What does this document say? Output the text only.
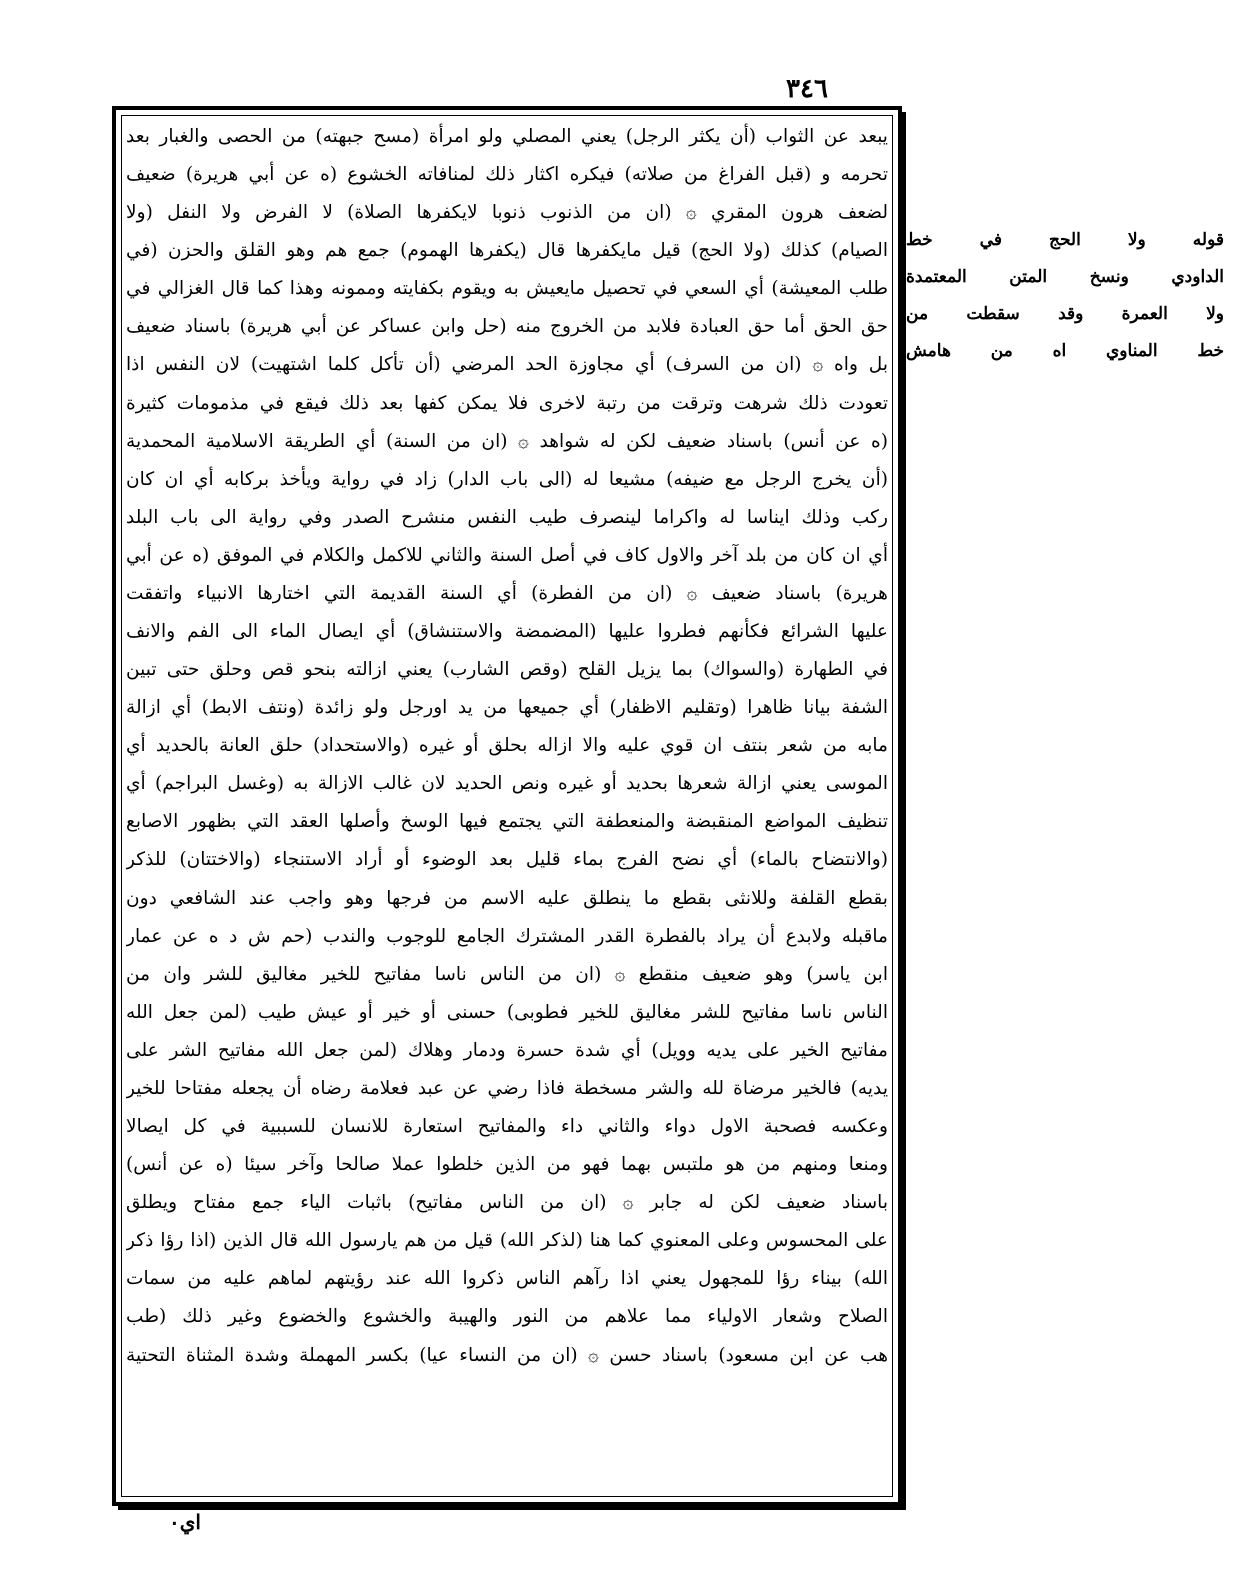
٣٤٦
يبعد عن الثواب (أن يكثر الرجل) يعني المصلي ولو امرأة (مسح جبهته) من الحصى والغبار بعد
تحرمه و (قبل الفراغ من صلاته) فيكره اكثار ذلك لمنافاته الخشوع (ه عن أبي هريرة) ضعيف
لضعف هرون المقري ۞ (ان من الذنوب ذنوبا لايكفرها الصلاة) لا الفرض ولا النفل (ولا
الصيام) كذلك (ولا الحج) قيل مايكفرها قال (يكفرها الهموم) جمع هم وهو القلق والحزن (في
طلب المعيشة) أي السعي في تحصيل مايعيش به ويقوم بكفايته وممونه وهذا كما قال الغزالي في
حق الحق أما حق العبادة فلابد من الخروج منه (حل وابن عساكر عن أبي هريرة) باسناد ضعيف
بل واه ۞ (ان من السرف) أي مجاوزة الحد المرضي (أن تأكل كلما اشتهيت) لان النفس اذا
تعودت ذلك شرهت وترقت من رتبة لاخرى فلا يمكن كفها بعد ذلك فيقع في مذمومات كثيرة
(ه عن أنس) باسناد ضعيف لكن له شواهد ۞ (ان من السنة) أي الطريقة الاسلامية المحمدية
(أن يخرج الرجل مع ضيفه) مشيعا له (الى باب الدار) زاد في رواية ويأخذ بركابه أي ان كان
ركب وذلك ايناسا له واكراما لينصرف طيب النفس منشرح الصدر وفي رواية الى باب البلد
أي ان كان من بلد آخر والاول كاف في أصل السنة والثاني للاكمل والكلام في الموفق (ه عن أبي
هريرة) باسناد ضعيف ۞ (ان من الفطرة) أي السنة القديمة التي اختارها الانبياء واتفقت
عليها الشرائع فكأنهم فطروا عليها (المضمضة والاستنشاق) أي ايصال الماء الى الفم والانف
في الطهارة (والسواك) بما يزيل القلح (وقص الشارب) يعني ازالته بنحو قص وحلق حتى تبين
الشفة بيانا ظاهرا (وتقليم الاظفار) أي جميعها من يد اورجل ولو زائدة (ونتف الابط) أي ازالة
مابه من شعر بنتف ان قوي عليه والا ازاله بحلق أو غيره (والاستحداد) حلق العانة بالحديد أي
الموسى يعني ازالة شعرها بحديد أو غيره ونص الحديد لان غالب الازالة به (وغسل البراجم) أي
تنظيف المواضع المنقبضة والمنعطفة التي يجتمع فيها الوسخ وأصلها العقد التي بظهور الاصابع
(والانتضاح بالماء) أي نضح الفرج بماء قليل بعد الوضوء أو أراد الاستنجاء (والاختتان) للذكر
بقطع القلفة وللانثى بقطع ما ينطلق عليه الاسم من فرجها وهو واجب عند الشافعي دون
ماقبله ولابدع أن يراد بالفطرة القدر المشترك الجامع للوجوب والندب (حم ش د ه عن عمار
ابن ياسر) وهو ضعيف منقطع ۞ (ان من الناس ناسا مفاتيح للخير مغاليق للشر وان من
الناس ناسا مفاتيح للشر مغاليق للخير فطوبى) حسنى أو خير أو عيش طيب (لمن جعل الله
مفاتيح الخير على يديه وويل) أي شدة حسرة ودمار وهلاك (لمن جعل الله مفاتيح الشر على
يديه) فالخير مرضاة لله والشر مسخطة فاذا رضي عن عبد فعلامة رضاه أن يجعله مفتاحا للخير
وعكسه فصحبة الاول دواء والثاني داء والمفاتيح استعارة للانسان للسببية في كل ايصالا
ومنعا ومنهم من هو ملتبس بهما فهو من الذين خلطوا عملا صالحا وآخر سيئا (ه عن أنس)
باسناد ضعيف لكن له جابر ۞ (ان من الناس مفاتيح) باثبات الياء جمع مفتاح ويطلق
على المحسوس وعلى المعنوي كما هنا (لذكر الله) قيل من هم يارسول الله قال الذين (اذا رؤا ذكر
الله) بيناء رؤا للمجهول يعني اذا رآهم الناس ذكروا الله عند رؤيتهم لماهم عليه من سمات
الصلاح وشعار الاولياء مما علاهم من النور والهيبة والخشوع والخضوع وغير ذلك (طب
هب عن ابن مسعود) باسناد حسن ۞ (ان من النساء عيا) بكسر المهملة وشدة المثناة التحتية
قوله ولا الحج في خط
الداودي ونسخ المتن المعتمدة
ولا العمرة وقد سقطت من
خط المناوي اه من هامش
اي٠
